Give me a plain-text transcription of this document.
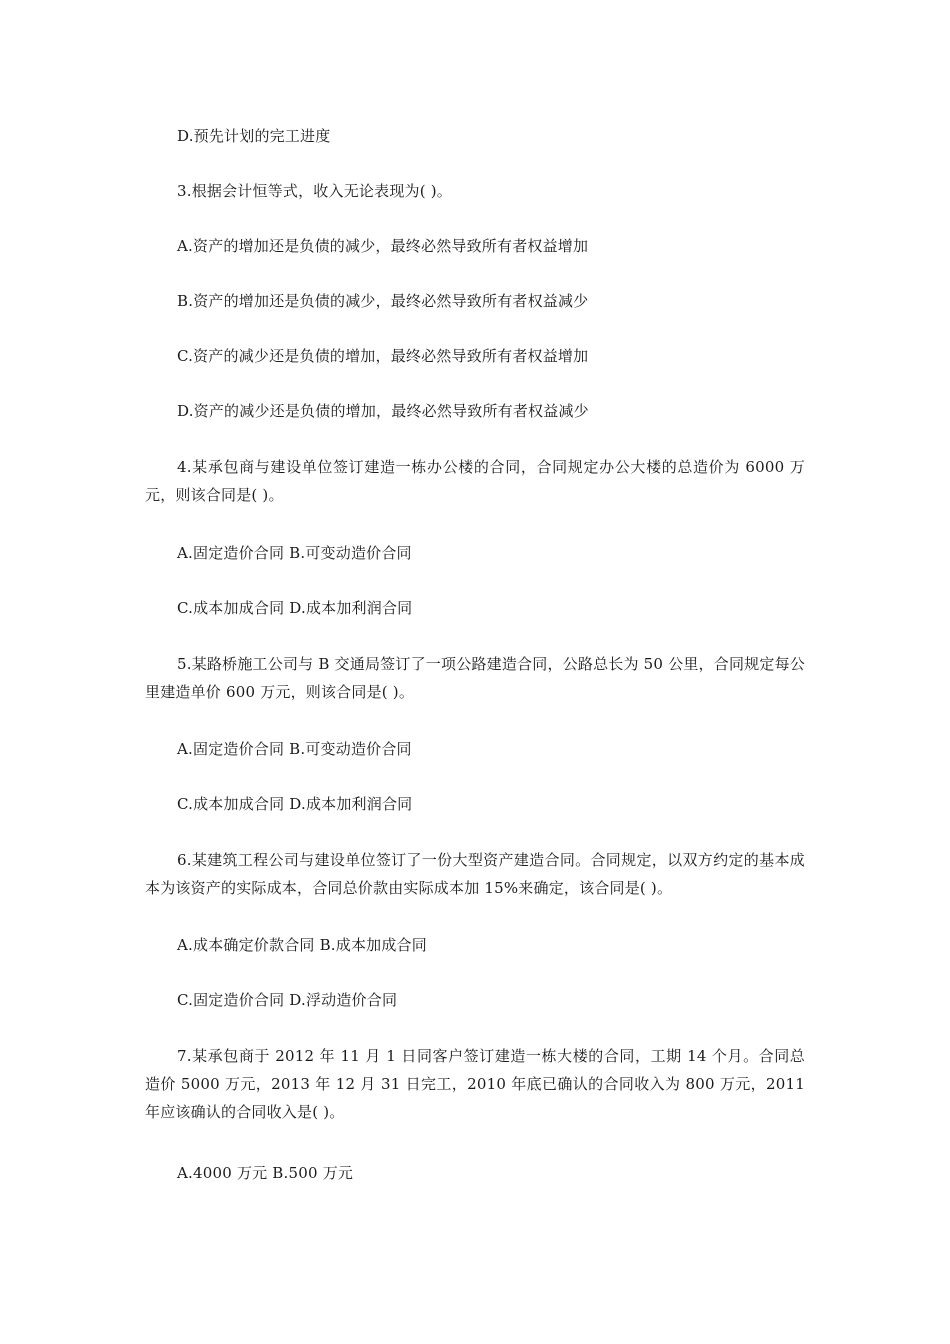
D.预先计划的完工进度
3.根据会计恒等式，收入无论表现为( )。
A.资产的增加还是负债的减少，最终必然导致所有者权益增加
B.资产的增加还是负债的减少，最终必然导致所有者权益减少
C.资产的减少还是负债的增加，最终必然导致所有者权益增加
D.资产的减少还是负债的增加，最终必然导致所有者权益减少
4.某承包商与建设单位签订建造一栋办公楼的合同，合同规定办公大楼的总造价为 6000 万元，则该合同是( )。
A.固定造价合同 B.可变动造价合同
C.成本加成合同 D.成本加利润合同
5.某路桥施工公司与 B 交通局签订了一项公路建造合同，公路总长为 50 公里，合同规定每公里建造单价 600 万元，则该合同是( )。
A.固定造价合同 B.可变动造价合同
C.成本加成合同 D.成本加利润合同
6.某建筑工程公司与建设单位签订了一份大型资产建造合同。合同规定，以双方约定的基本成本为该资产的实际成本，合同总价款由实际成本加 15%来确定，该合同是( )。
A.成本确定价款合同 B.成本加成合同
C.固定造价合同 D.浮动造价合同
7.某承包商于 2012 年 11 月 1 日同客户签订建造一栋大楼的合同，工期 14 个月。合同总造价 5000 万元，2013 年 12 月 31 日完工，2010 年底已确认的合同收入为 800 万元，2011 年应该确认的合同收入是( )。
A.4000 万元 B.500 万元
